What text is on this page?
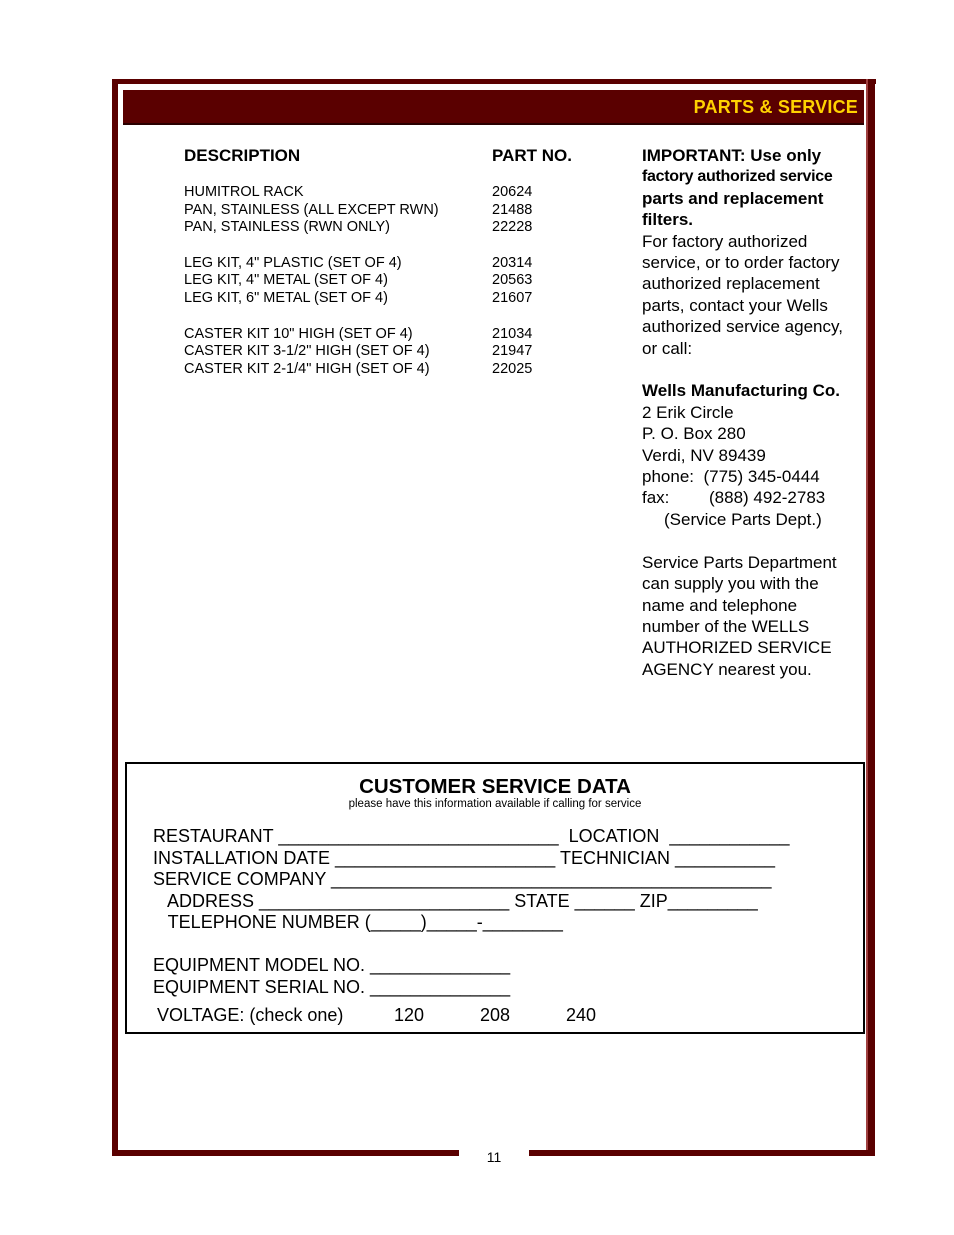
PARTS & SERVICE
DESCRIPTION	PART NO.
HUMITROL RACK	20624
PAN, STAINLESS (ALL EXCEPT RWN)	21488
PAN, STAINLESS (RWN ONLY)	22228
LEG KIT, 4" PLASTIC (SET OF 4)	20314
LEG KIT, 4" METAL (SET OF 4)	20563
LEG KIT, 6" METAL (SET OF 4)	21607
CASTER KIT 10" HIGH (SET OF 4)	21034
CASTER KIT 3-1/2" HIGH (SET OF 4)	21947
CASTER KIT 2-1/4" HIGH (SET OF 4)	22025
IMPORTANT: Use only
factory authorized service
parts and replacement
filters.
For factory authorized
service, or to order factory
authorized replacement
parts, contact your Wells
authorized service agency,
or call:
Wells Manufacturing Co.
2 Erik Circle
P. O. Box 280
Verdi, NV 89439
phone: (775) 345-0444
fax: (888) 492-2783
(Service Parts Dept.)
Service Parts Department
can supply you with the
name and telephone
number of the WELLS
AUTHORIZED SERVICE
AGENCY nearest you.
CUSTOMER SERVICE DATA
please have this information available if calling for service
RESTAURANT ____________________________  LOCATION  ____________
INSTALLATION DATE ______________________ TECHNICIAN __________
SERVICE COMPANY ____________________________________________
ADDRESS _________________________ STATE ______ ZIP_________
TELEPHONE NUMBER (_____)_____-________
EQUIPMENT MODEL NO. ______________
EQUIPMENT SERIAL NO. ______________
VOLTAGE: (check one)	120	208	240
11
